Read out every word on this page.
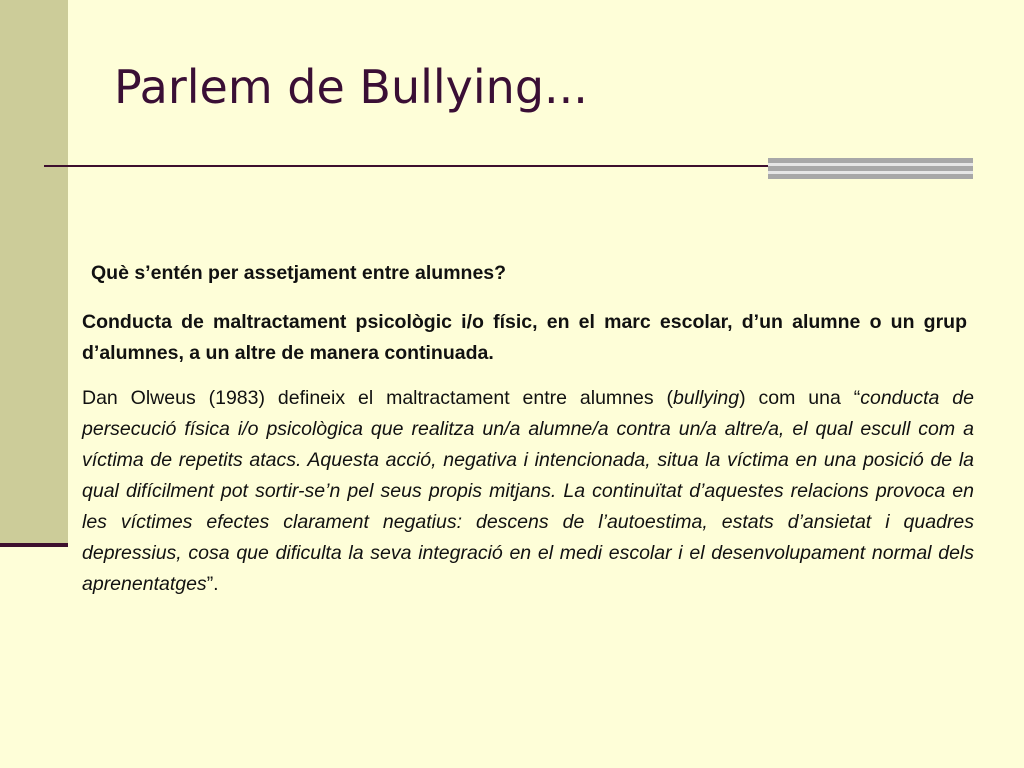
Parlem de Bullying...

Què s’entén per assetjament entre alumnes?

Conducta de maltractament psicològic i/o físic, en el marc escolar, d’un alumne o un grup d’alumnes, a un altre de manera continuada.

Dan Olweus (1983) defineix el maltractament entre alumnes (bullying) com una “conducta de persecució física i/o psicològica que realitza un/a alumne/a contra un/a altre/a, el qual escull com a víctima de repetits atacs. Aquesta acció, negativa i intencionada, situa la víctima en una posició de la qual difícilment pot sortir-se’n pel seus propis mitjans. La continuïtat d’aquestes relacions provoca en les víctimes efectes clarament negatius: descens de l’autoestima, estats d’ansietat i quadres depressius, cosa que dificulta la seva integració en el medi escolar i el desenvolupament normal dels aprenentatges”.
